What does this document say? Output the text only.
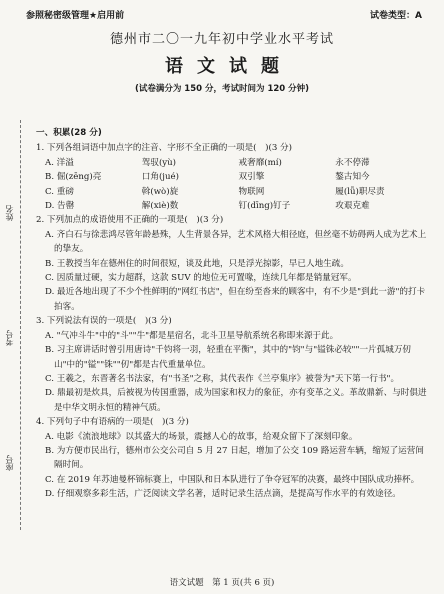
参照秘密级管理★启用前	试卷类型：A
德州市二〇一九年初中学业水平考试
语文试题
(试卷满分为 150 分，考试时间为 120 分钟)
姓名
考号
座号
一、积累(28 分)
1. 下列各组词语中加点字的注音、字形不全正确的一项是(　)(3 分)
A. 洋溢	驾驭(yù)	戒奢靡(mí)	永不停滞
B. 倔(zēng)亮	口角(jué)	双引擎	鏊古知今
C. 重磅	斡(wò)旋	物联网	履(lǚ)职尽责
D. 告罄	解(xiè)数	钉(dīng)钉子	攻艰克难
2. 下列加点的成语使用不正确的一项是(　)(3 分)
A. 齐白石与徐悲鸿尽管年龄悬殊，人生背景各异，艺术风格大相径庭，但丝毫不妨碍两人成为艺术上的挚友。
B. 王教授当年在德州住的时间很短，谈及此地，只是浮光掠影，早已人地生疏。
C. 因质量过硬，实力超群，这款 SUV 的地位无可置喙，连续几年都是销量冠军。
D. 最近各地出现了不少个性鲜明的"网红书店"，但在纷至沓来的顾客中，有不少是"到此一游"的打卡拍客。
3. 下列说法有误的一项是(　)(3 分)
A. "气冲斗牛"中的"斗""牛"都是星宿名，北斗卫星导航系统名称即来源于此。
B. 习主席讲话时曾引用唐诗"千钧将一羽，轻重在平衡"，其中的"钧"与"镒铢必较""一片孤城万仞山"中的"镒""铢""仞"都是古代重量单位。
C. 王羲之，东晋著名书法家，有"书圣"之称，其代表作《兰亭集序》被誉为"天下第一行书"。
D. 鼎最初是炊具，后被视为传国重器，成为国家和权力的象征，亦有变革之义。革故鼎新、与时俱进是中华文明永恒的精神气质。
4. 下列句子中有语病的一项是(　)(3 分)
A. 电影《流浪地球》以其盛大的场景，震撼人心的故事，给观众留下了深刻印象。
B. 为方便市民出行，德州市公交公司自 5 月 27 日起，增加了公交 109 路运营车辆，缩短了运营间隔时间。
C. 在 2019 年苏迪曼杯锦标赛上，中国队和日本队进行了争夺冠军的决赛，最终中国队成功捧杯。
D. 仔细观察多彩生活，广泛阅读文学名著，适时记录生活点滴，是提高写作水平的有效途径。
语文试题　第 1 页(共 6 页)
